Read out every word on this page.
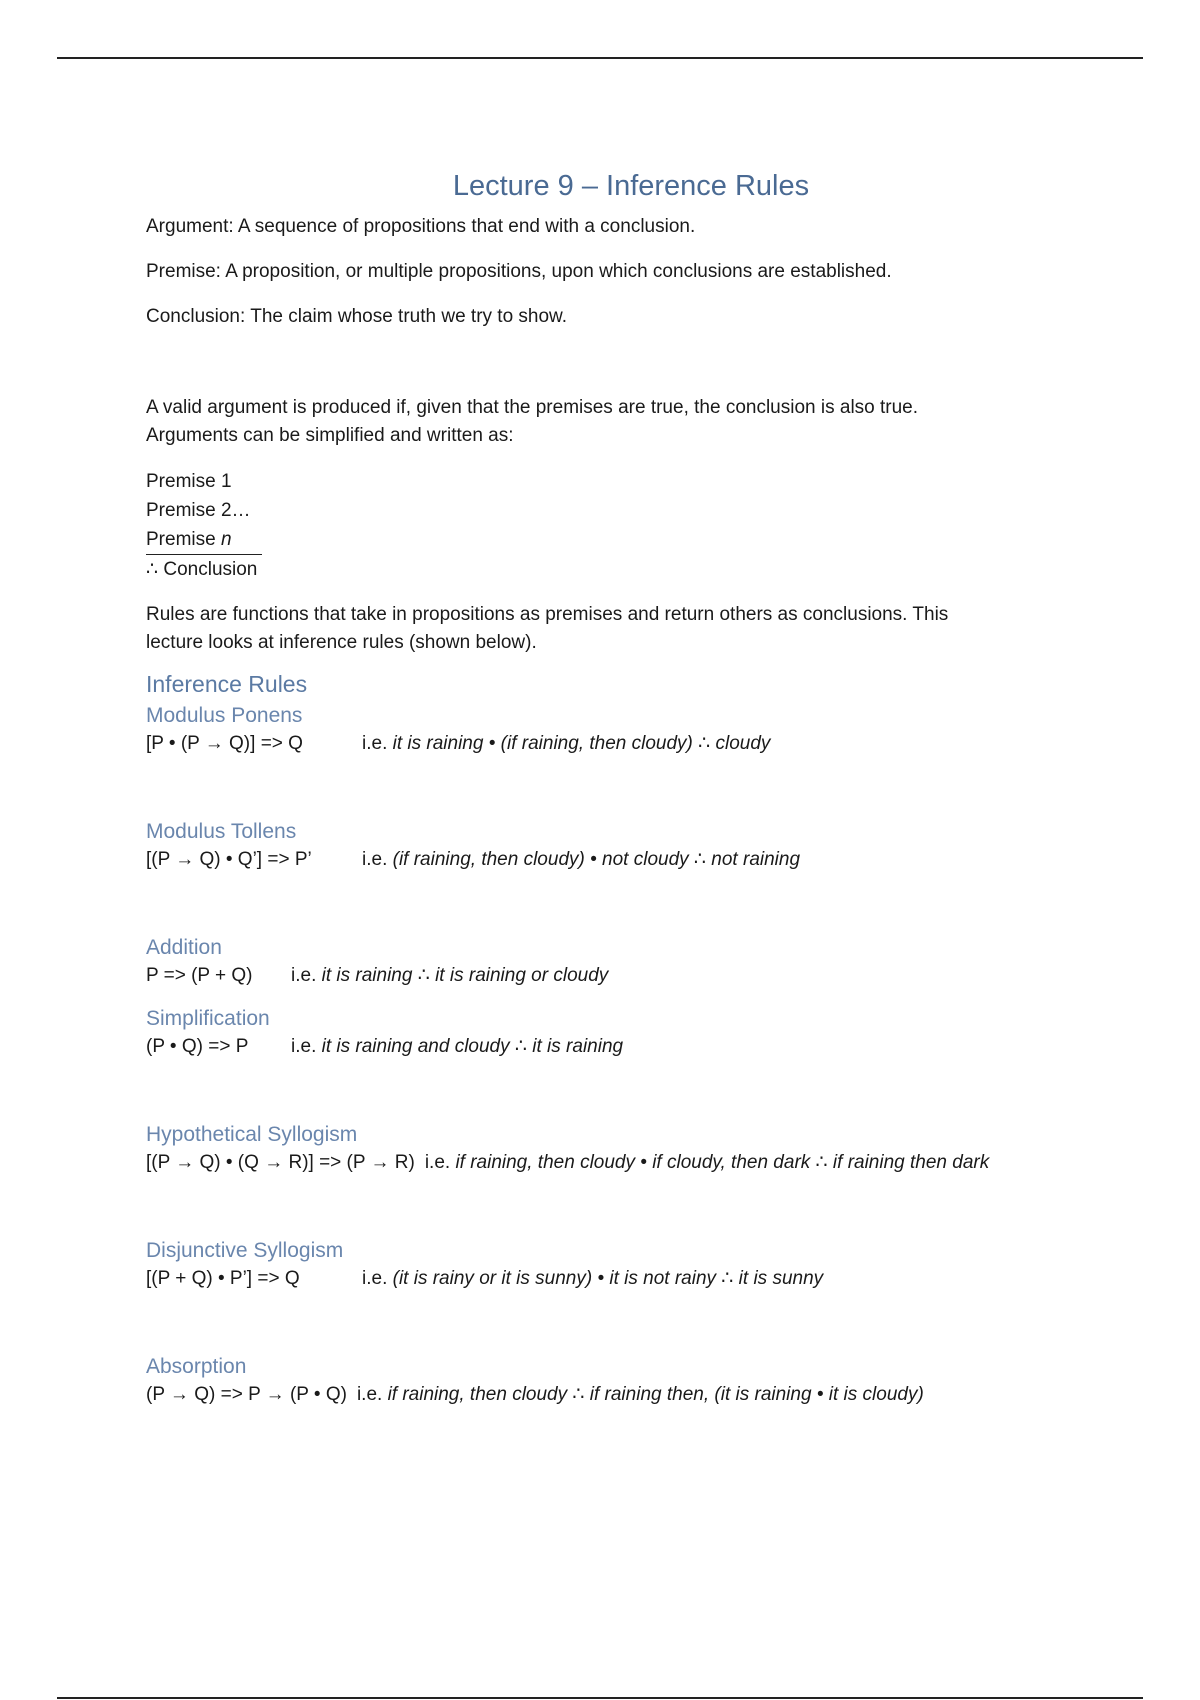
Lecture 9 – Inference Rules

Argument: A sequence of propositions that end with a conclusion.

Premise: A proposition, or multiple propositions, upon which conclusions are established.

Conclusion: The claim whose truth we try to show.

A valid argument is produced if, given that the premises are true, the conclusion is also true.

Arguments can be simplified and written as:

Premise 1

Premise 2…

Premise n

∴ Conclusion

Rules are functions that take in propositions as premises and return others as conclusions. This

lecture looks at inference rules (shown below).

Inference Rules
Modulus Ponens
[P • (P → Q)] => Q	i.e. it is raining • (if raining, then cloudy) ∴ cloudy
Modulus Tollens
[(P → Q) • Q’] => P’	i.e. (if raining, then cloudy) • not cloudy ∴ not raining
Addition
P => (P + Q) i.e. it is raining ∴ it is raining or cloudy
Simplification
(P • Q) => P i.e. it is raining and cloudy ∴ it is raining
Hypothetical Syllogism
[(P → Q) • (Q → R)] => (P → R) i.e. if raining, then cloudy • if cloudy, then dark ∴ if raining then dark
Disjunctive Syllogism
[(P + Q) • P’] => Q	i.e. (it is rainy or it is sunny) • it is not rainy ∴ it is sunny
Absorption
(P → Q) => P → (P • Q) i.e. if raining, then cloudy ∴ if raining then, (it is raining • it is cloudy)
